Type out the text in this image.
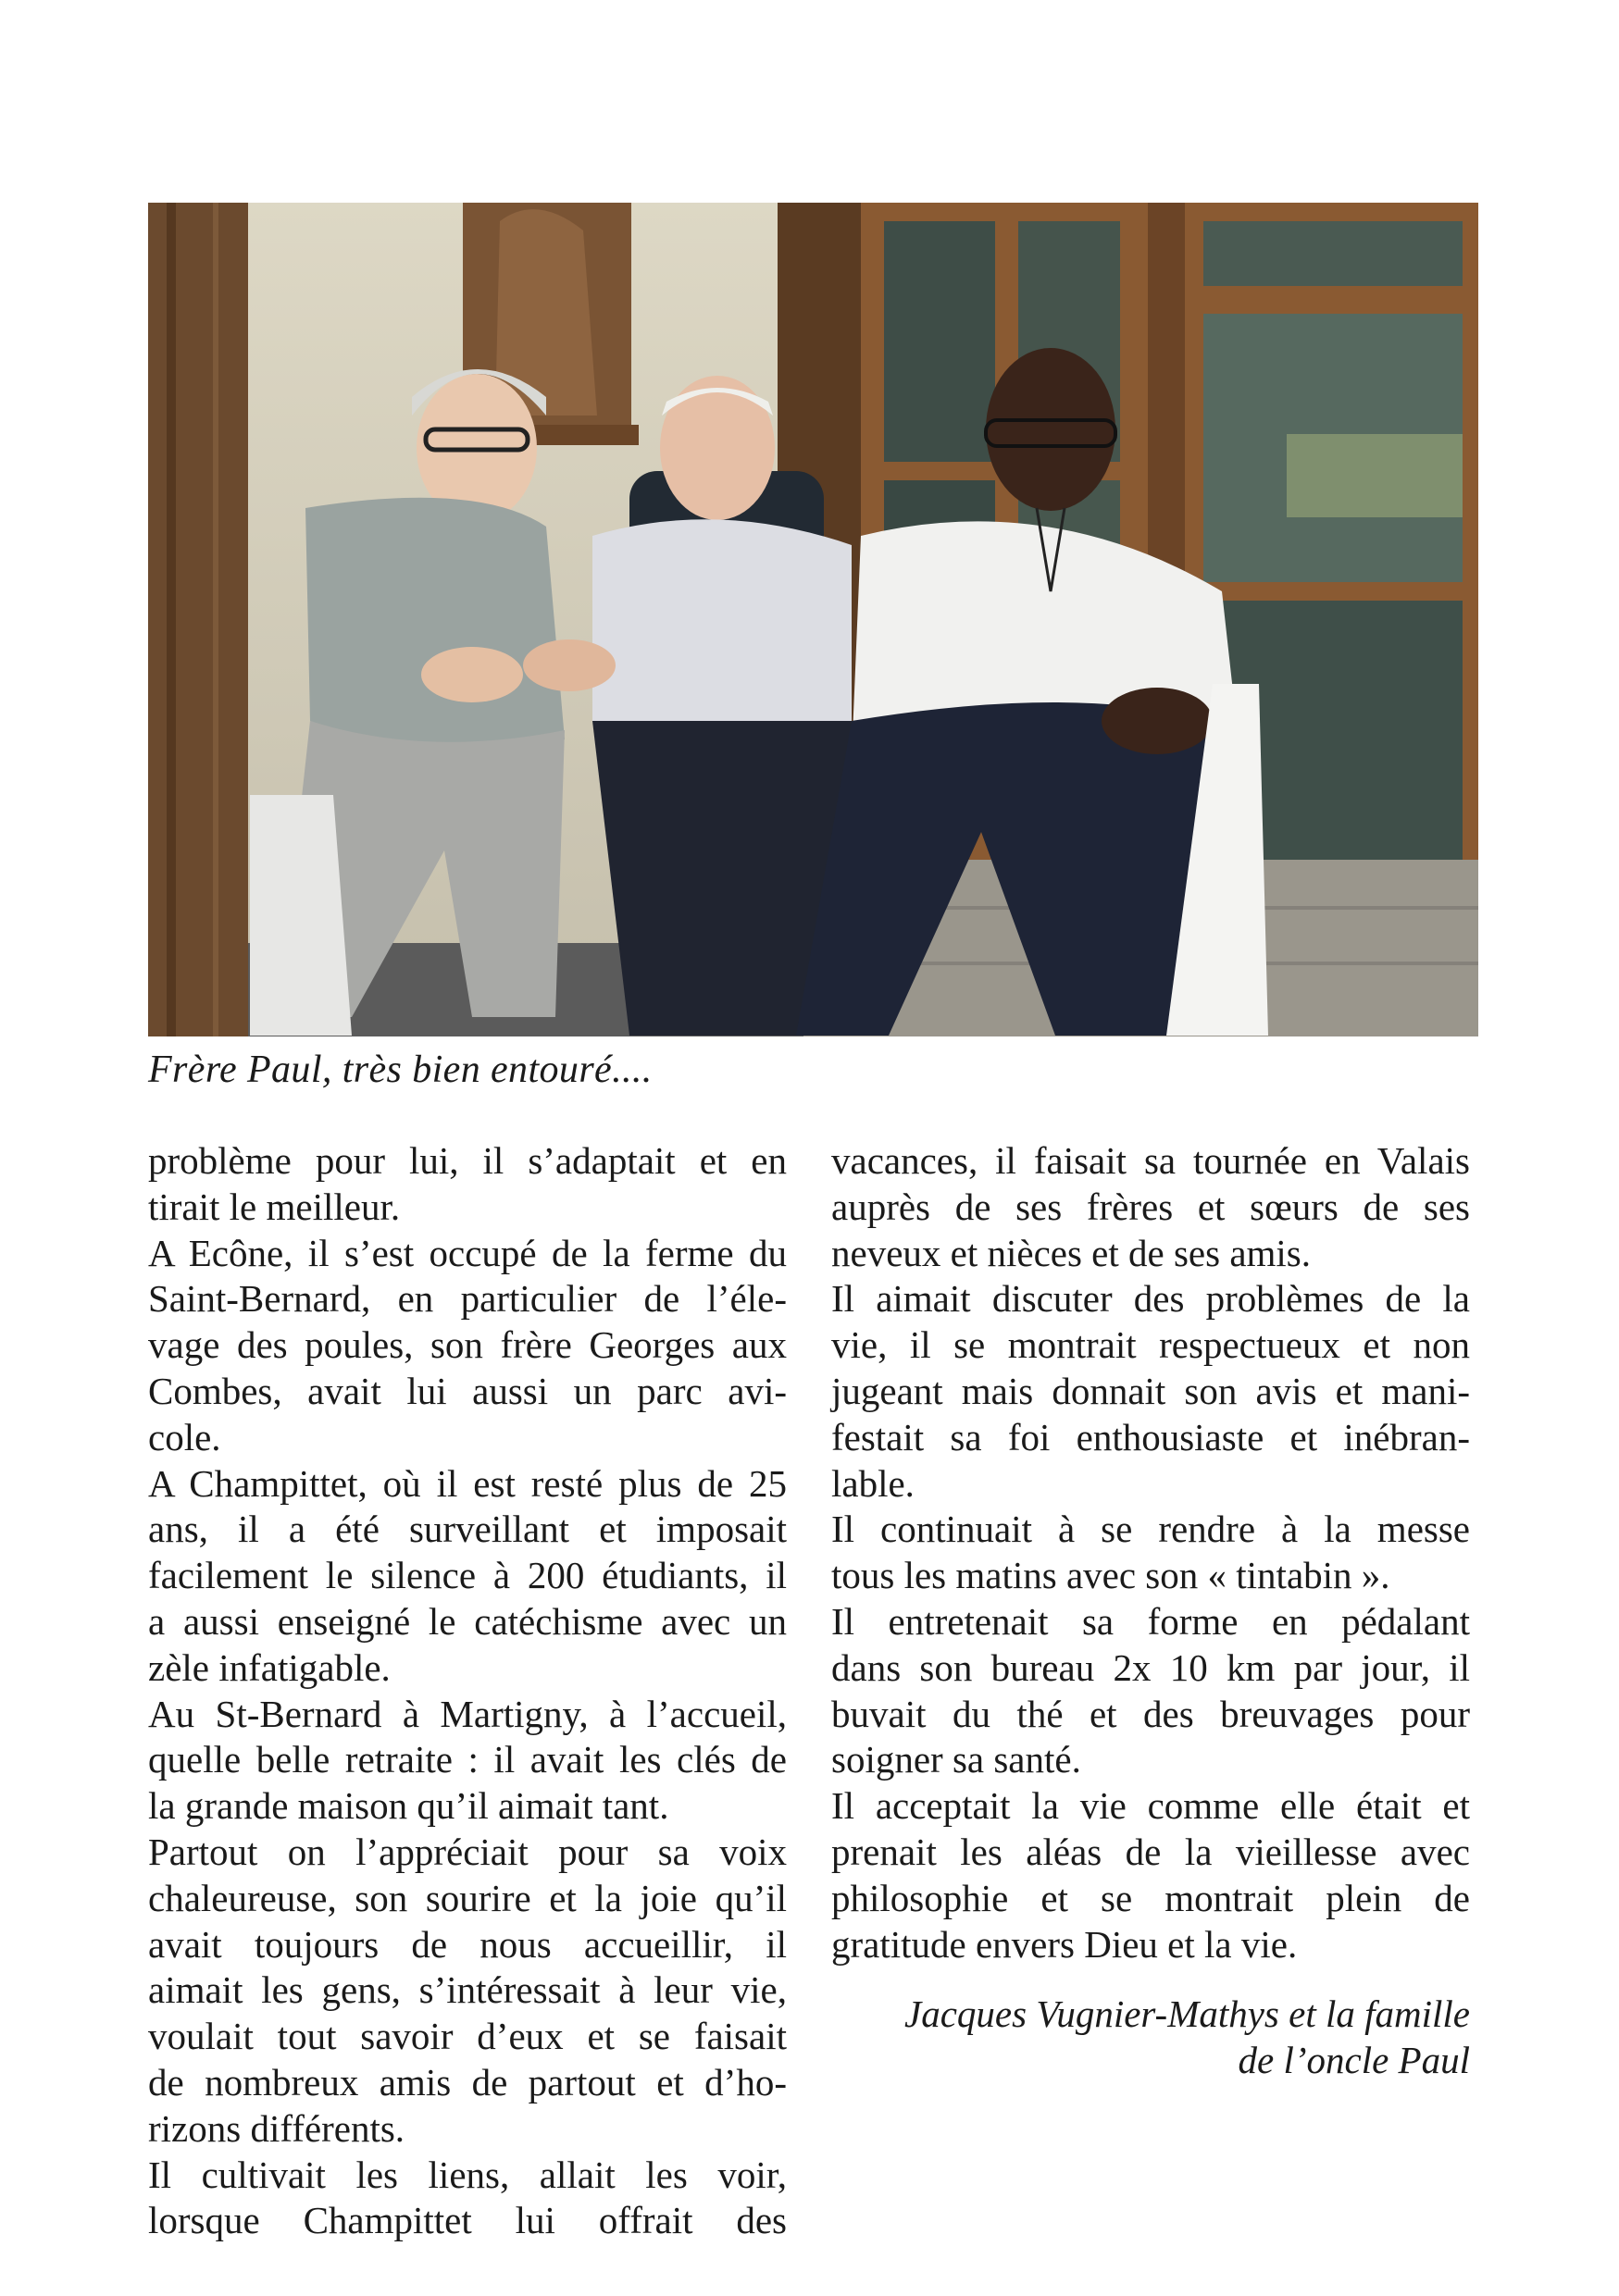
Frère Paul, très bien entouré....
problème pour lui, il s’adaptait et en
tirait le meilleur.
A Ecône, il s’est occupé de la ferme du
Saint-Bernard, en particulier de l’éle-
vage des poules, son frère Georges aux
Combes, avait lui aussi un parc avi-
cole.
A Champittet, où il est resté plus de 25
ans, il a été surveillant et imposait
facilement le silence à 200 étudiants, il
a aussi enseigné le catéchisme avec un
zèle infatigable.
Au St-Bernard à Martigny, à l’accueil,
quelle belle retraite : il avait les clés de
la grande maison qu’il aimait tant.
Partout on l’appréciait pour sa voix
chaleureuse, son sourire et la joie qu’il
avait toujours de nous accueillir, il
aimait les gens, s’intéressait à leur vie,
voulait tout savoir d’eux et se faisait
de nombreux amis de partout et d’ho-
rizons différents.
Il cultivait les liens, allait les voir,
lorsque Champittet lui offrait des
vacances, il faisait sa tournée en Valais
auprès de ses frères et sœurs de ses
neveux et nièces et de ses amis.
Il aimait discuter des problèmes de la
vie, il se montrait respectueux et non
jugeant mais donnait son avis et mani-
festait sa foi enthousiaste et inébran-
lable.
Il continuait à se rendre à la messe
tous les matins avec son « tintabin ».
Il entretenait sa forme en pédalant
dans son bureau 2x 10 km par jour, il
buvait du thé et des breuvages pour
soigner sa santé.
Il acceptait la vie comme elle était et
prenait les aléas de la vieillesse avec
philosophie et se montrait plein de
gratitude envers Dieu et la vie.
Jacques Vugnier-Mathys et la famille
de l’oncle Paul
